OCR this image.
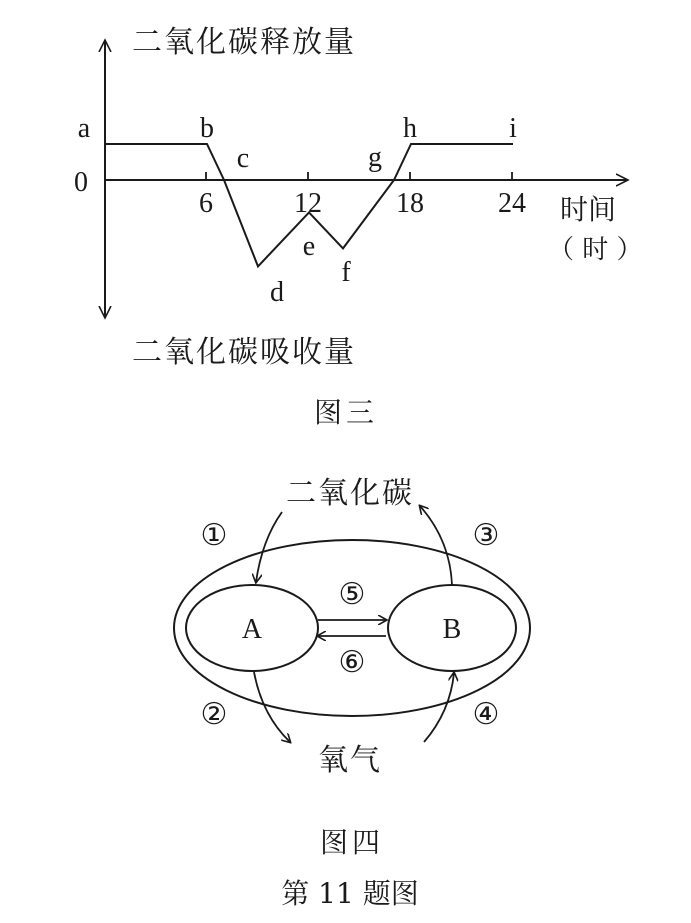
二氧化碳释放量
二氧化碳吸收量
时间
（ 时 ）
0
6	12	18	24
a	b
c
d
e
f
g
h	i
图三
A	B
⑤
⑥
二氧化碳
①	③
氧气
②	④
图四
第 11 题图
